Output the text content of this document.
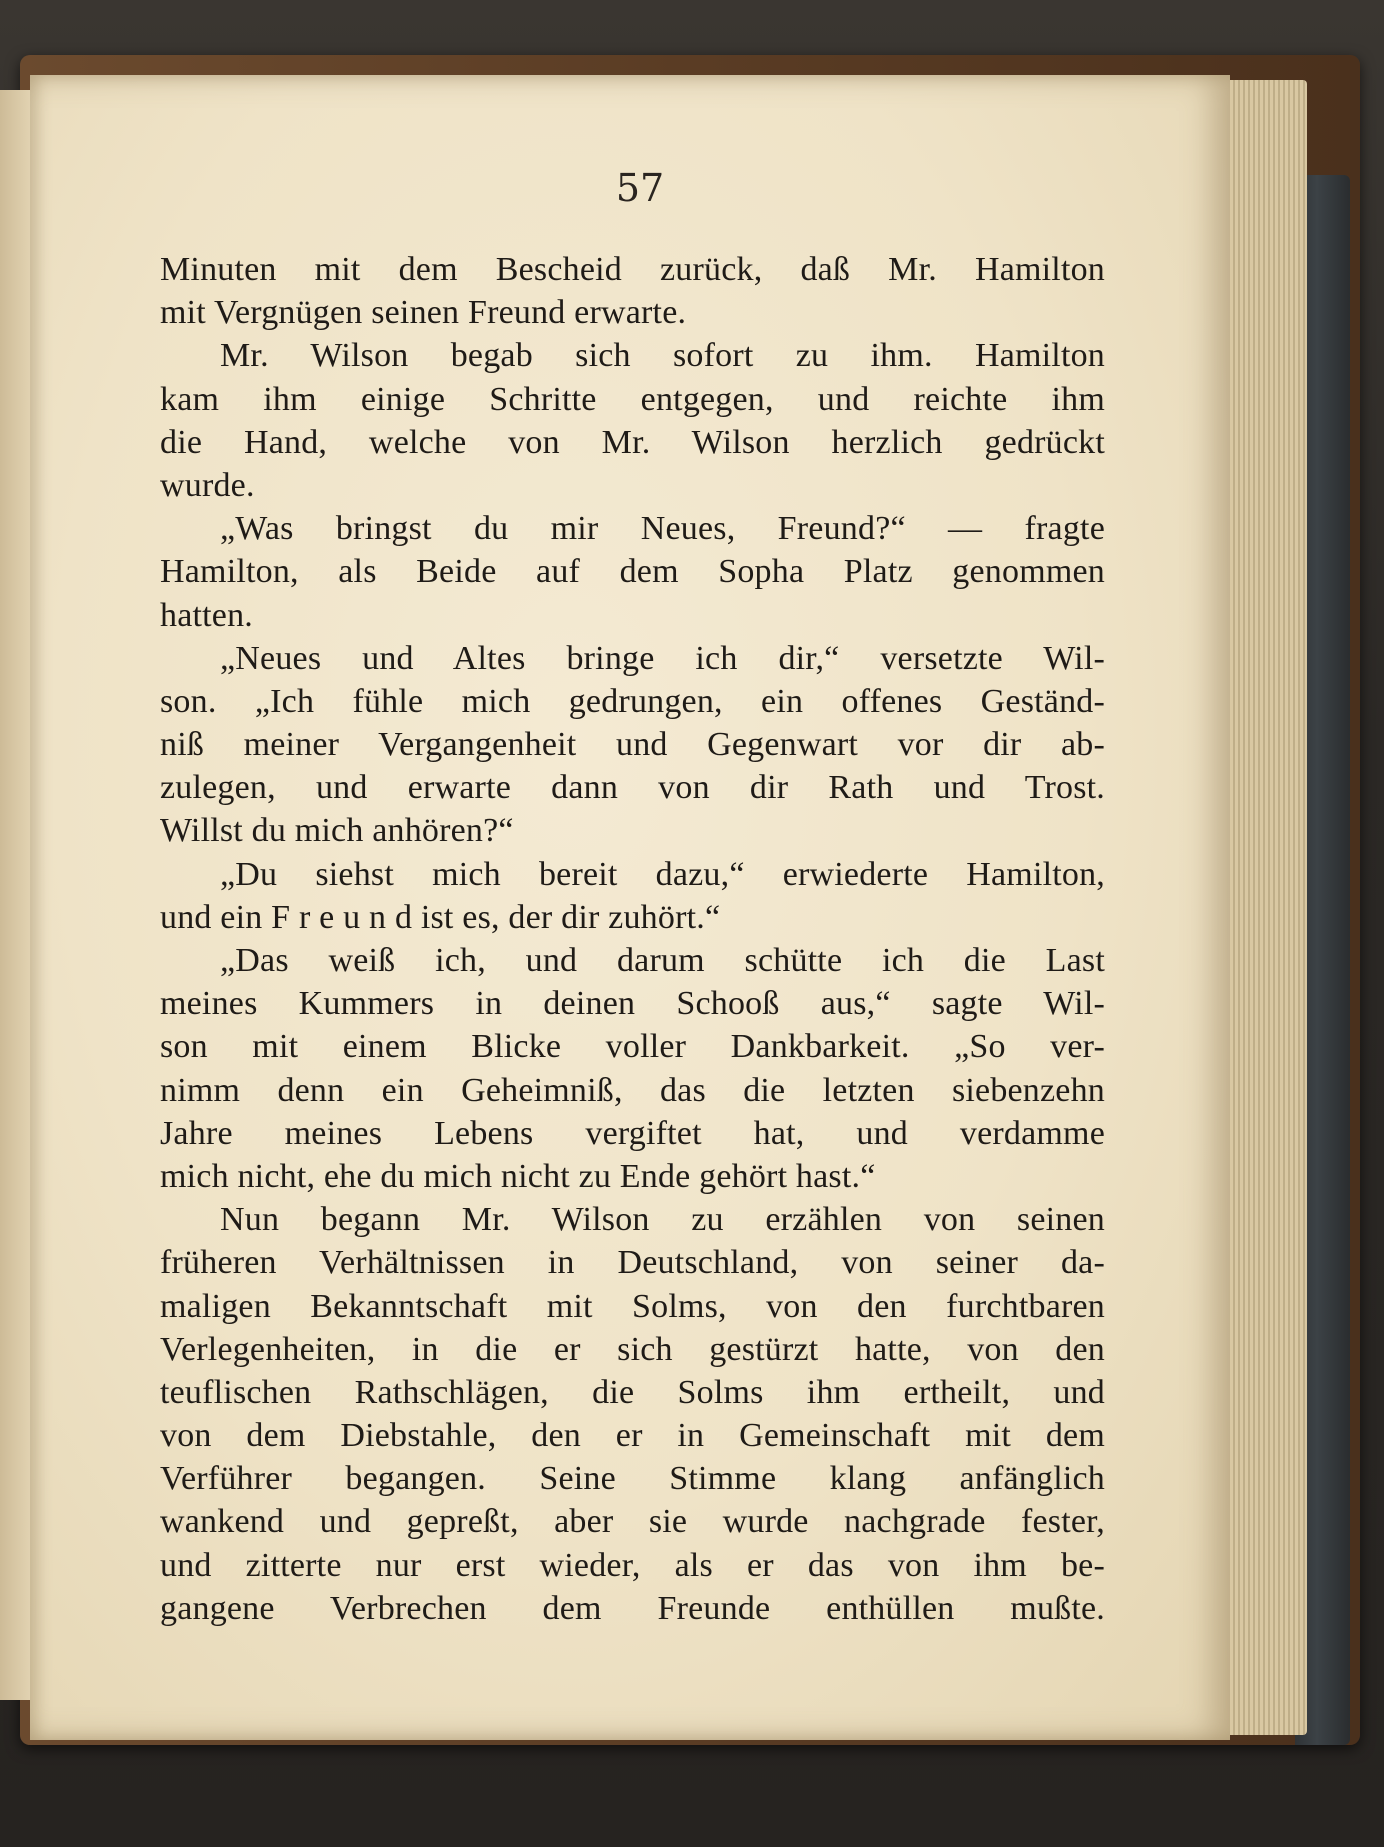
57
Minuten mit dem Bescheid zurück, daß Mr. Hamilton
mit Vergnügen seinen Freund erwarte.
Mr. Wilson begab sich sofort zu ihm. Hamilton
kam ihm einige Schritte entgegen, und reichte ihm
die Hand, welche von Mr. Wilson herzlich gedrückt
wurde.
„Was bringst du mir Neues, Freund?“ — fragte
Hamilton, als Beide auf dem Sopha Platz genommen
hatten.
„Neues und Altes bringe ich dir,“ versetzte Wil-
son. „Ich fühle mich gedrungen, ein offenes Geständ-
niß meiner Vergangenheit und Gegenwart vor dir ab-
zulegen, und erwarte dann von dir Rath und Trost.
Willst du mich anhören?“
„Du siehst mich bereit dazu,“ erwiederte Hamilton,
und ein F r e u n d ist es, der dir zuhört.“
„Das weiß ich, und darum schütte ich die Last
meines Kummers in deinen Schooß aus,“ sagte Wil-
son mit einem Blicke voller Dankbarkeit. „So ver-
nimm denn ein Geheimniß, das die letzten siebenzehn
Jahre meines Lebens vergiftet hat, und verdamme
mich nicht, ehe du mich nicht zu Ende gehört hast.“
Nun begann Mr. Wilson zu erzählen von seinen
früheren Verhältnissen in Deutschland, von seiner da-
maligen Bekanntschaft mit Solms, von den furchtbaren
Verlegenheiten, in die er sich gestürzt hatte, von den
teuflischen Rathschlägen, die Solms ihm ertheilt, und
von dem Diebstahle, den er in Gemeinschaft mit dem
Verführer begangen. Seine Stimme klang anfänglich
wankend und gepreßt, aber sie wurde nachgrade fester,
und zitterte nur erst wieder, als er das von ihm be-
gangene Verbrechen dem Freunde enthüllen mußte.
